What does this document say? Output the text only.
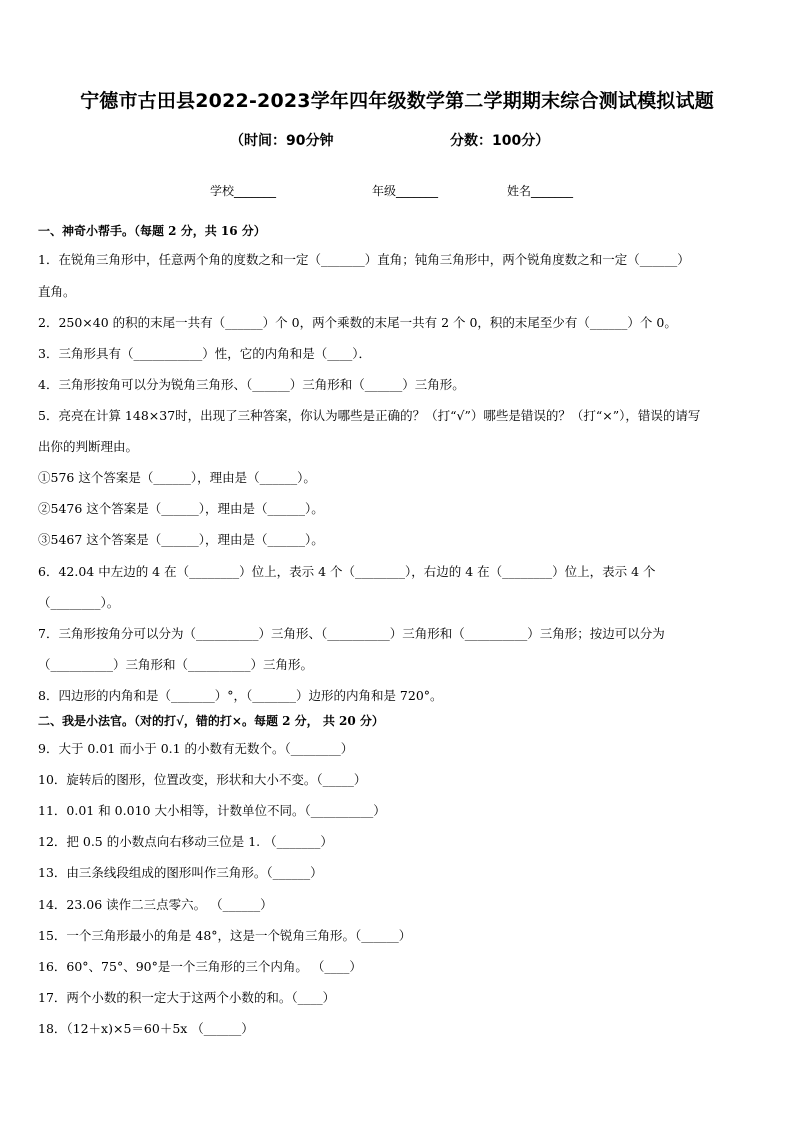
宁德市古田县2022-2023学年四年级数学第二学期期末综合测试模拟试题
（时间：90分钟	分数：100分）
学校_______	年级_______	姓名_______
一、神奇小帮手。（每题 2 分，共 16 分）
1．在锐角三角形中，任意两个角的度数之和一定（_______）直角；钝角三角形中，两个锐角度数之和一定（______）
直角。
2．250×40 的积的末尾一共有（______）个 0，两个乘数的末尾一共有 2 个 0，积的末尾至少有（______）个 0。
3．三角形具有（___________）性，它的内角和是（____）．
4．三角形按角可以分为锐角三角形、（______）三角形和（______）三角形。
5．亮亮在计算 148×37时，出现了三种答案，你认为哪些是正确的？（打“√”）哪些是错误的？（打“×”），错误的请写
出你的判断理由。
①576 这个答案是（______），理由是（______）。
②5476 这个答案是（______），理由是（______）。
③5467 这个答案是（______），理由是（______）。
6．42.04 中左边的 4 在（________）位上，表示 4 个（________），右边的 4 在（________）位上，表示 4 个
（________）。
7．三角形按角分可以分为（__________）三角形、（__________）三角形和（__________）三角形；按边可以分为
（__________）三角形和（__________）三角形。
8．四边形的内角和是（_______）°，（_______）边形的内角和是 720°。
二、我是小法官。（对的打√，错的打×。每题 2 分， 共 20 分）
9．大于 0.01 而小于 0.1 的小数有无数个。（________）
10．旋转后的图形，位置改变，形状和大小不变。（_____）
11．0.01 和 0.010 大小相等，计数单位不同。（__________）
12．把 0.5 的小数点向右移动三位是 1. （_______）
13．由三条线段组成的图形叫作三角形。（______）
14．23.06 读作二三点零六。 （______）
15．一个三角形最小的角是 48°，这是一个锐角三角形。（______）
16．60°、75°、90°是一个三角形的三个内角。 （____）
17．两个小数的积一定大于这两个小数的和。（____）
18．（12＋x)×5＝60＋5x （______）
